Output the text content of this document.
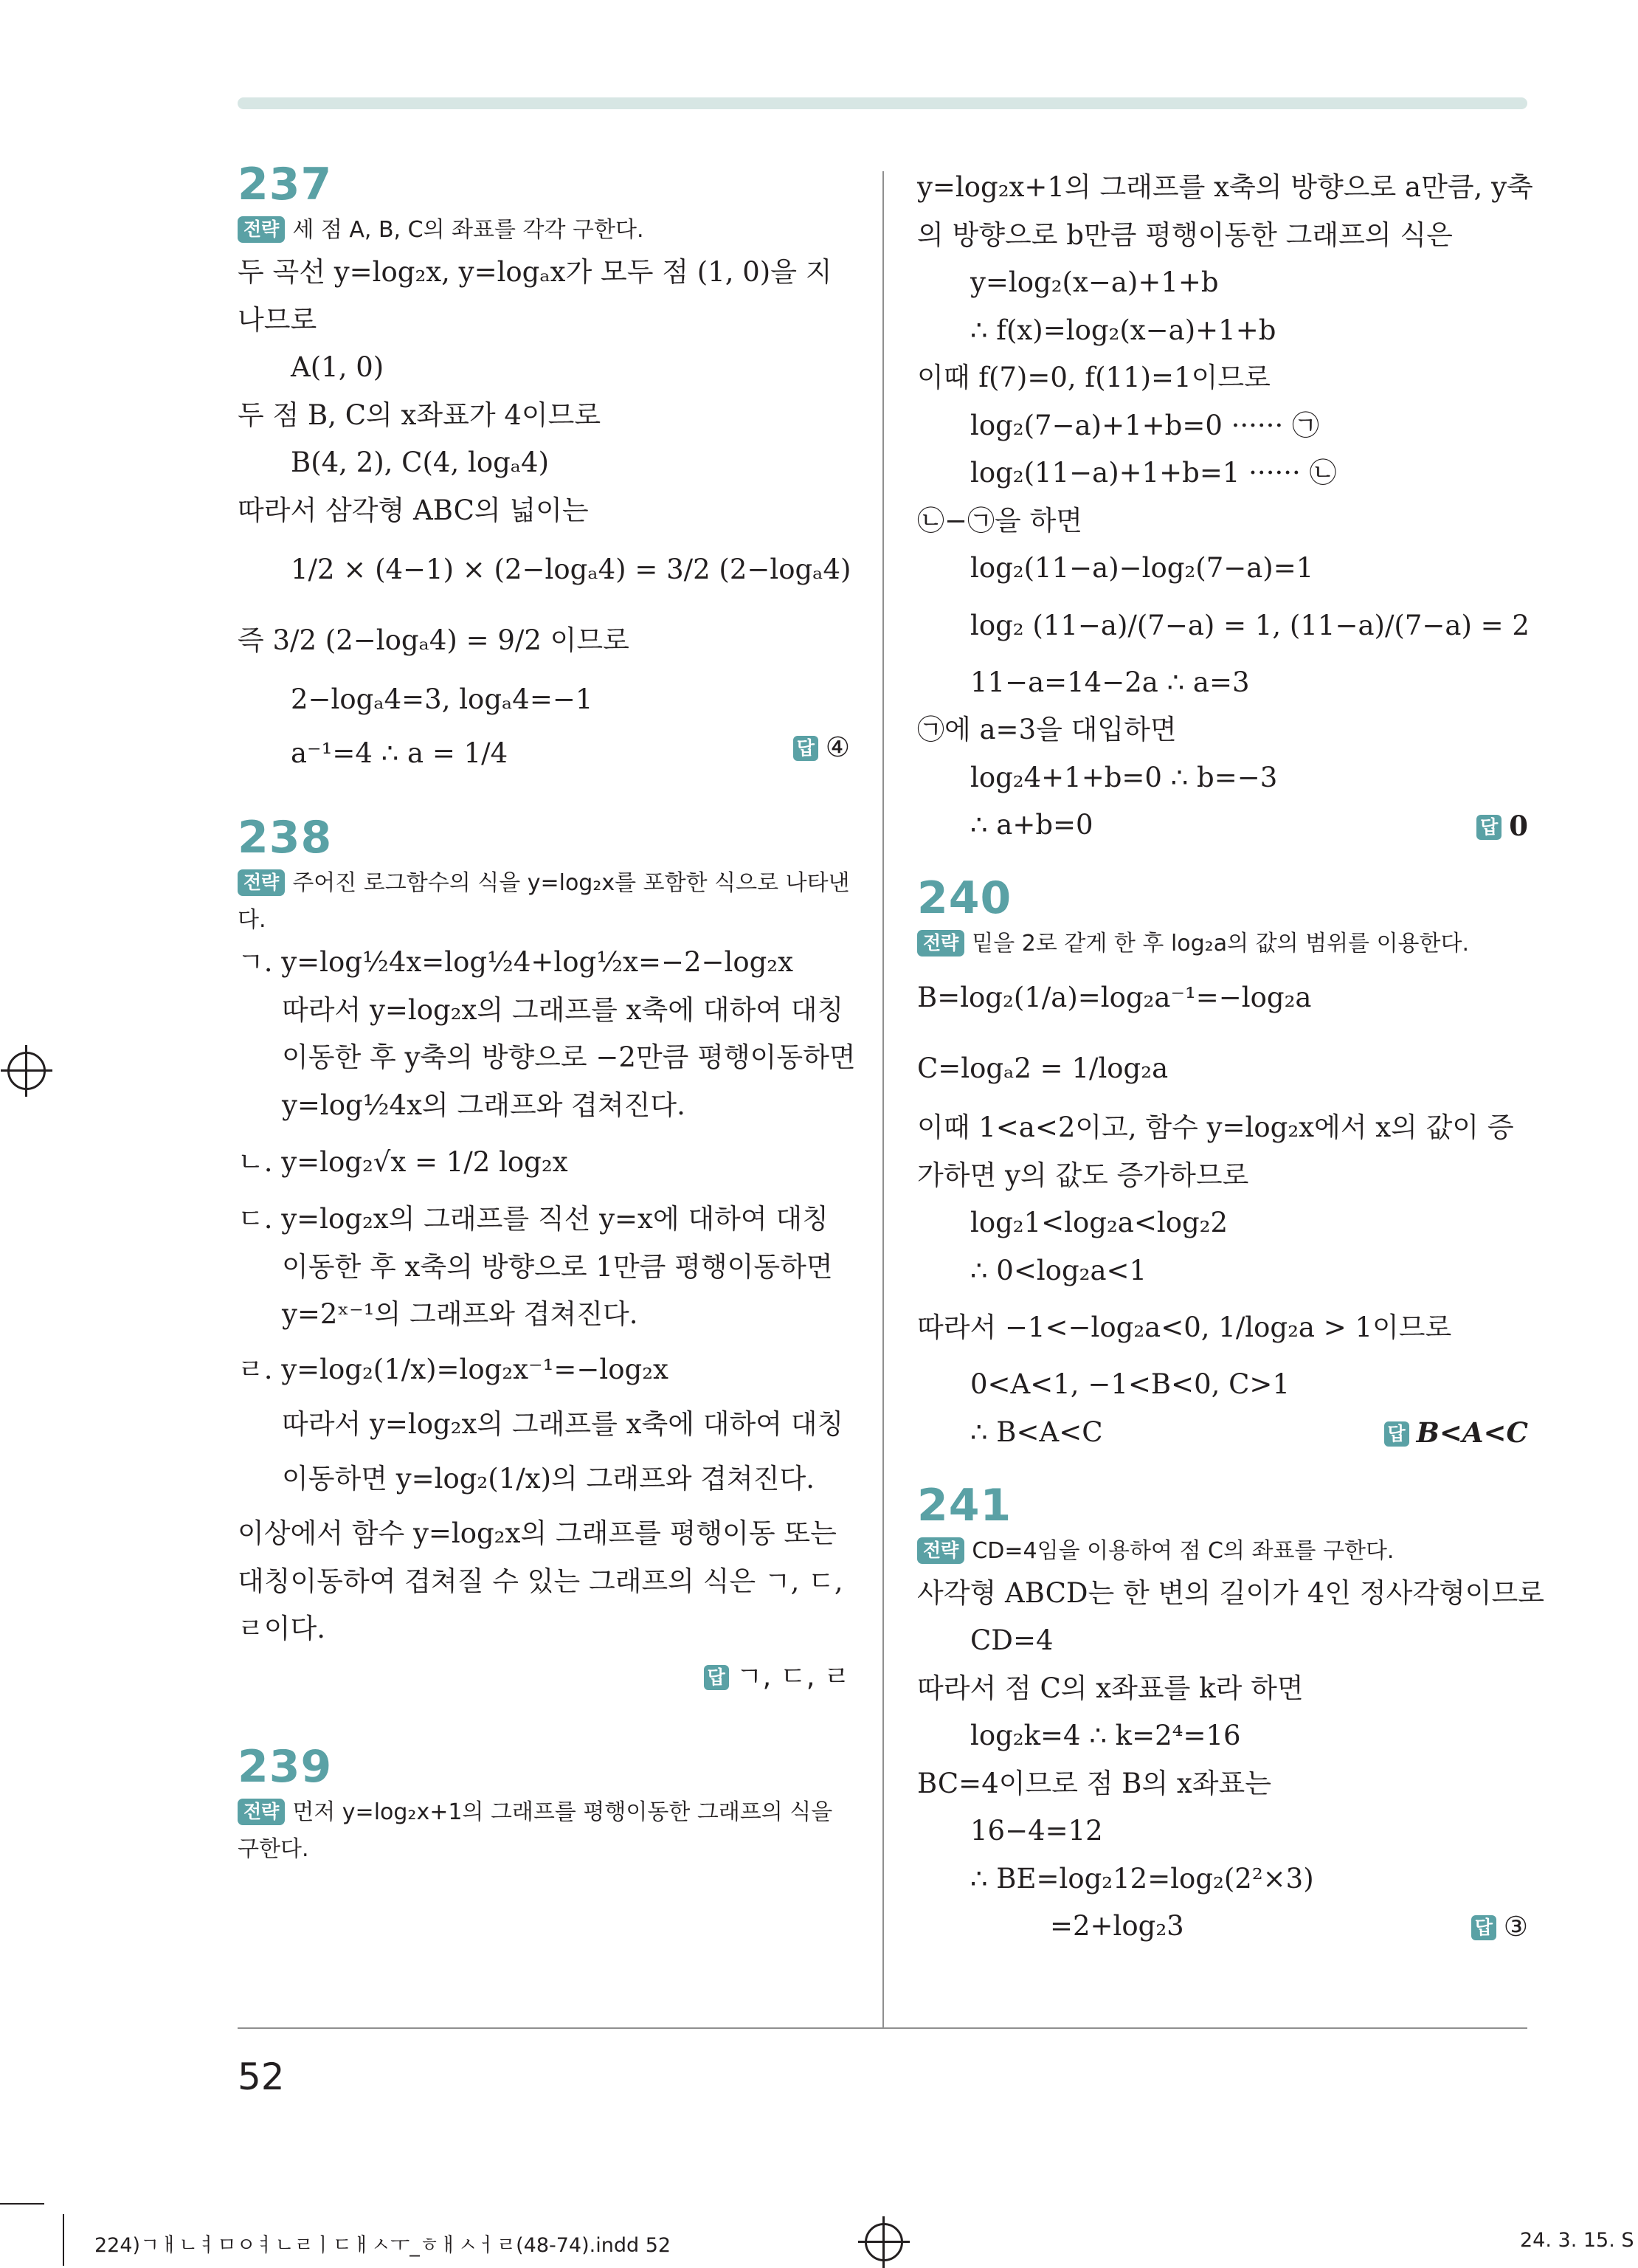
237
전략 세 점 A, B, C의 좌표를 각각 구한다.
두 곡선 y=log₂x, y=logₐx가 모두 점 (1, 0)을 지
나므로
A(1, 0)
두 점 B, C의 x좌표가 4이므로
B(4, 2), C(4, logₐ4)
따라서 삼각형 ABC의 넓이는
1/2 × (4−1) × (2−logₐ4) = 3/2 (2−logₐ4)
즉 3/2 (2−logₐ4) = 9/2 이므로
2−logₐ4=3, logₐ4=−1
a⁻¹=4 ∴ a = 1/4	답 ④
238
전략 주어진 로그함수의 식을 y=log₂x를 포함한 식으로 나타낸다.
ㄱ. y=log½4x=log½4+log½x=−2−log₂x
따라서 y=log₂x의 그래프를 x축에 대하여 대칭
이동한 후 y축의 방향으로 −2만큼 평행이동하면
y=log½4x의 그래프와 겹쳐진다.
ㄴ. y=log₂√x = 1/2 log₂x
ㄷ. y=log₂x의 그래프를 직선 y=x에 대하여 대칭
이동한 후 x축의 방향으로 1만큼 평행이동하면
y=2ˣ⁻¹의 그래프와 겹쳐진다.
ㄹ. y=log₂(1/x)=log₂x⁻¹=−log₂x
따라서 y=log₂x의 그래프를 x축에 대하여 대칭
이동하면 y=log₂(1/x)의 그래프와 겹쳐진다.
이상에서 함수 y=log₂x의 그래프를 평행이동 또는
대칭이동하여 겹쳐질 수 있는 그래프의 식은 ㄱ, ㄷ,
ㄹ이다.
답 ㄱ, ㄷ, ㄹ
239
전략 먼저 y=log₂x+1의 그래프를 평행이동한 그래프의 식을 구한다.
y=log₂x+1의 그래프를 x축의 방향으로 a만큼, y축
의 방향으로 b만큼 평행이동한 그래프의 식은
y=log₂(x−a)+1+b
∴ f(x)=log₂(x−a)+1+b
이때 f(7)=0, f(11)=1이므로
log₂(7−a)+1+b=0 ······ ㉠
log₂(11−a)+1+b=1 ······ ㉡
㉡−㉠을 하면
log₂(11−a)−log₂(7−a)=1
log₂ (11−a)/(7−a) = 1, (11−a)/(7−a) = 2
11−a=14−2a ∴ a=3
㉠에 a=3을 대입하면
log₂4+1+b=0 ∴ b=−3
∴ a+b=0	답 0
240
전략 밑을 2로 같게 한 후 log₂a의 값의 범위를 이용한다.
B=log₂(1/a)=log₂a⁻¹=−log₂a
C=logₐ2 = 1/log₂a
이때 1<a<2이고, 함수 y=log₂x에서 x의 값이 증
가하면 y의 값도 증가하므로
log₂1<log₂a<log₂2
∴ 0<log₂a<1
따라서 −1<−log₂a<0, 1/log₂a > 1이므로
0<A<1, −1<B<0, C>1
∴ B<A<C	답 B<A<C
241
전략 CD=4임을 이용하여 점 C의 좌표를 구한다.
사각형 ABCD는 한 변의 길이가 4인 정사각형이므로
CD=4
따라서 점 C의 x좌표를 k라 하면
log₂k=4 ∴ k=2⁴=16
BC=4이므로 점 B의 x좌표는
16−4=12
∴ BE=log₂12=log₂(2²×3)
=2+log₂3	답 ③
52
224)ㄱㅐㄴㅕㅁㅇㅕㄴㄹㅣㄷㅐㅅㅜ_ㅎㅐㅅㅓㄹ(48-74).indd 52	24. 3. 15. S
